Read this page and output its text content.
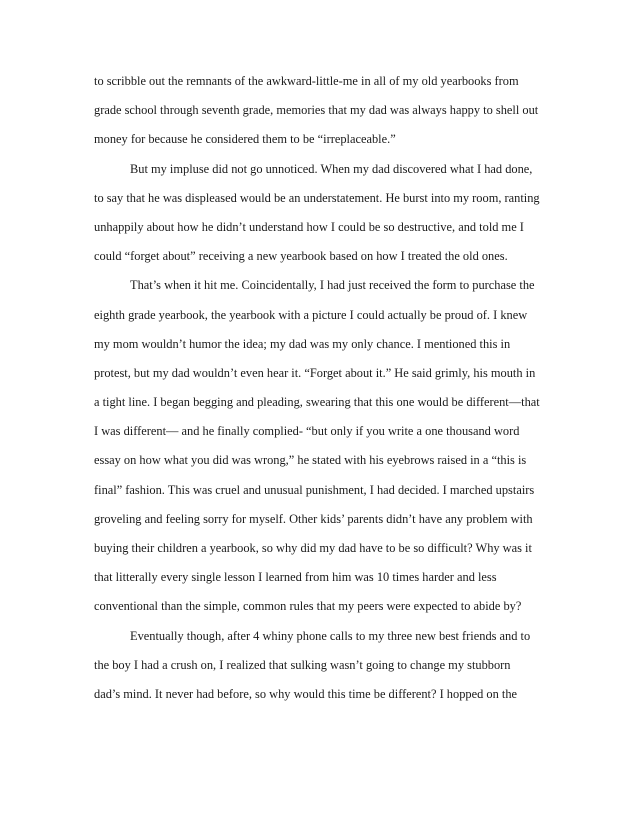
to scribble out the remnants of the awkward-little-me in all of my old yearbooks from
grade school through seventh grade, memories that my dad was always happy to shell out
money for because he considered them to be “irreplaceable.”
But my impluse did not go unnoticed. When my dad discovered what I had done,
to say that he was displeased would be an understatement. He burst into my room, ranting
unhappily about how he didn’t understand how I could be so destructive, and told me I
could “forget about” receiving a new yearbook based on how I treated the old ones.
That’s when it hit me. Coincidentally, I had just received the form to purchase the
eighth grade yearbook, the yearbook with a picture I could actually be proud of. I knew
my mom wouldn’t humor the idea; my dad was my only chance. I mentioned this in
protest, but my dad wouldn’t even hear it. “Forget about it.” He said grimly, his mouth in
a tight line. I began begging and pleading, swearing that this one would be different—that
I was different— and he finally complied- “but only if you write a one thousand word
essay on how what you did was wrong,” he stated with his eyebrows raised in a “this is
final” fashion. This was cruel and unusual punishment, I had decided. I marched upstairs
groveling and feeling sorry for myself. Other kids’ parents didn’t have any problem with
buying their children a yearbook, so why did my dad have to be so difficult? Why was it
that litterally every single lesson I learned from him was 10 times harder and less
conventional than the simple, common rules that my peers were expected to abide by?
Eventually though, after 4 whiny phone calls to my three new best friends and to
the boy I had a crush on, I realized that sulking wasn’t going to change my stubborn
dad’s mind. It never had before, so why would this time be different? I hopped on the
